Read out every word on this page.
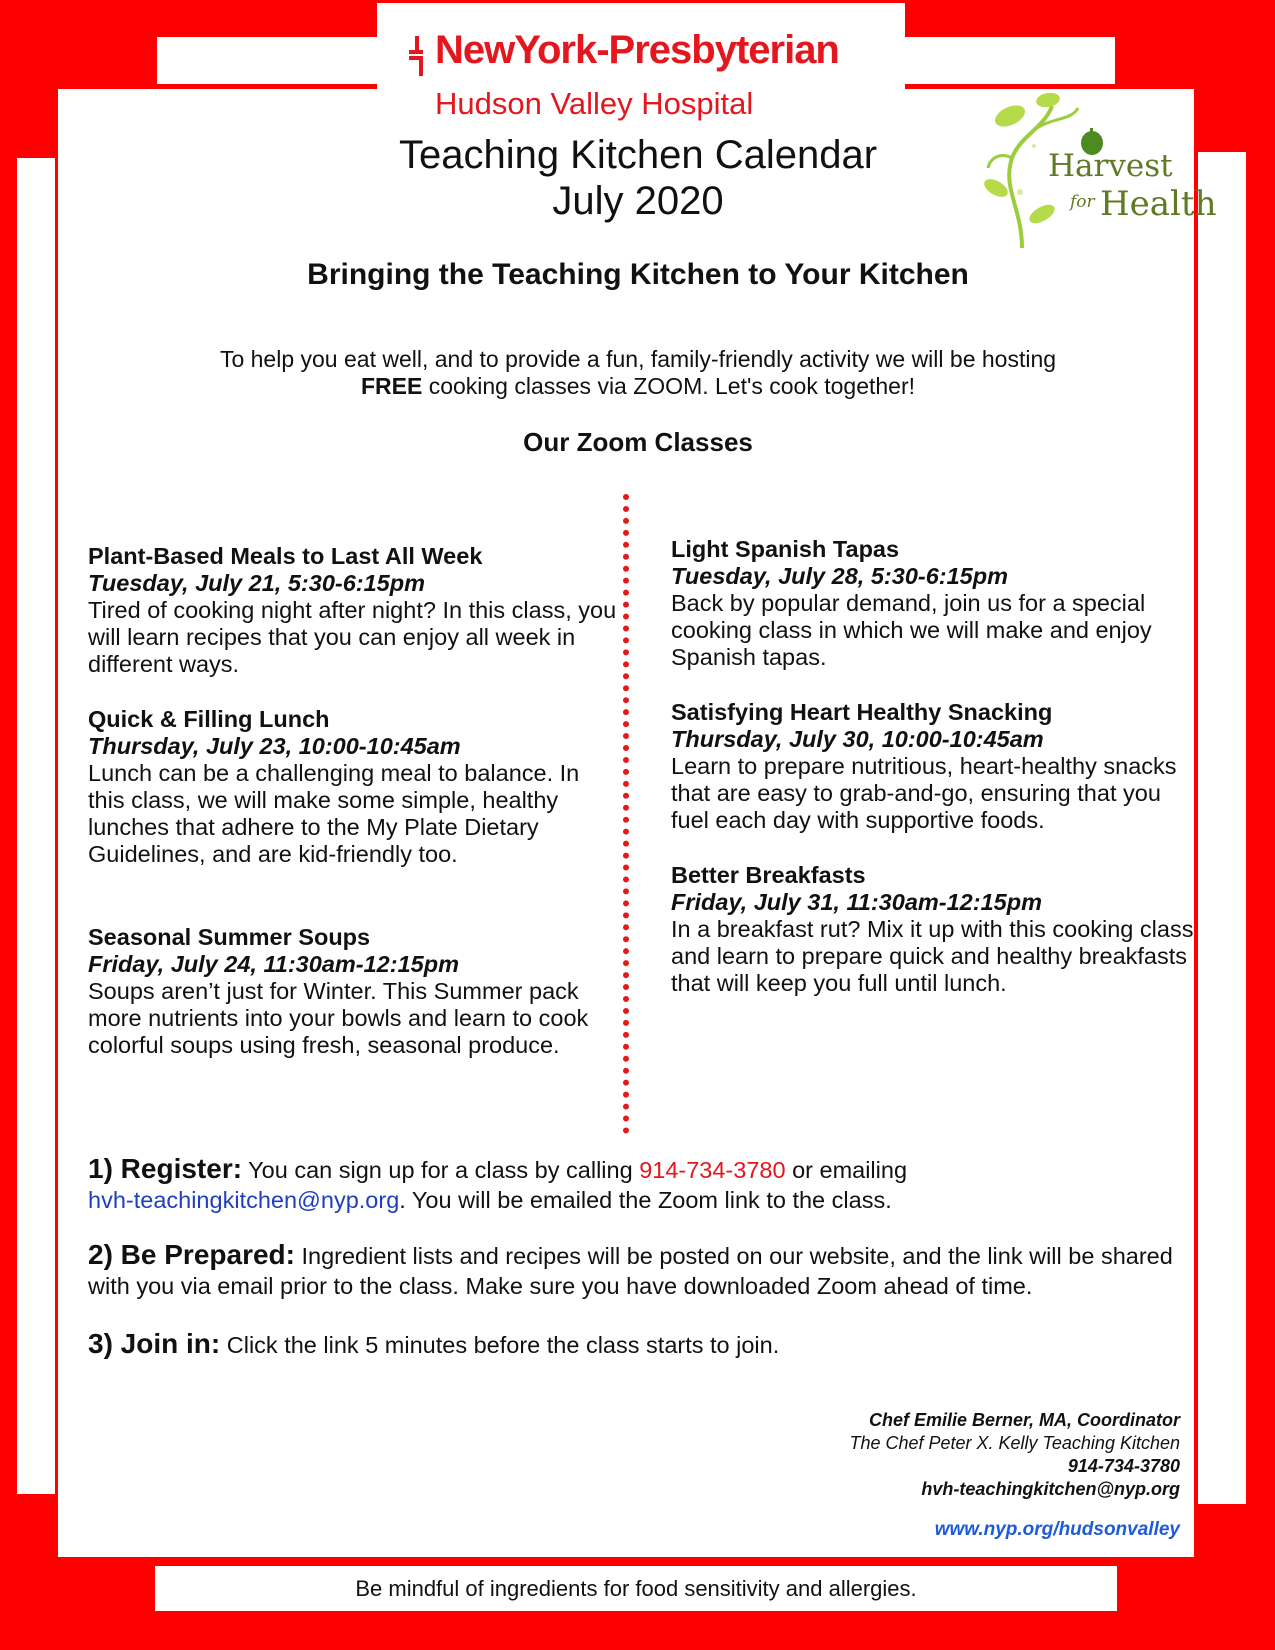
NewYork-Presbyterian
Hudson Valley Hospital
Harvest
for Health
Teaching Kitchen Calendar
July 2020
Bringing the Teaching Kitchen to Your Kitchen
To help you eat well, and to provide a fun, family-friendly activity we will be hosting
FREE cooking classes via ZOOM. Let's cook together!
Our Zoom Classes
Plant-Based Meals to Last All Week
Tuesday, July 21, 5:30-6:15pm
Tired of cooking night after night? In this class, you will learn recipes that you can enjoy all week in different ways.
Quick & Filling Lunch
Thursday, July 23, 10:00-10:45am
Lunch can be a challenging meal to balance. In this class, we will make some simple, healthy lunches that adhere to the My Plate Dietary Guidelines, and are kid-friendly too.
Seasonal Summer Soups
Friday, July 24, 11:30am-12:15pm
Soups aren’t just for Winter. This Summer pack more nutrients into your bowls and learn to cook colorful soups using fresh, seasonal produce.
Light Spanish Tapas
Tuesday, July 28, 5:30-6:15pm
Back by popular demand, join us for a special cooking class in which we will make and enjoy Spanish tapas.
Satisfying Heart Healthy Snacking
Thursday, July 30, 10:00-10:45am
Learn to prepare nutritious, heart-healthy snacks that are easy to grab-and-go, ensuring that you fuel each day with supportive foods.
Better Breakfasts
Friday, July 31, 11:30am-12:15pm
In a breakfast rut? Mix it up with this cooking class and learn to prepare quick and healthy breakfasts that will keep you full until lunch.
1) Register: You can sign up for a class by calling 914-734-3780 or emailing
hvh-teachingkitchen@nyp.org. You will be emailed the Zoom link to the class.
2) Be Prepared: Ingredient lists and recipes will be posted on our website, and the link will be shared with you via email prior to the class. Make sure you have downloaded Zoom ahead of time.
3) Join in: Click the link 5 minutes before the class starts to join.
Chef Emilie Berner, MA, Coordinator
The Chef Peter X. Kelly Teaching Kitchen
914-734-3780
hvh-teachingkitchen@nyp.org
www.nyp.org/hudsonvalley
Be mindful of ingredients for food sensitivity and allergies.
